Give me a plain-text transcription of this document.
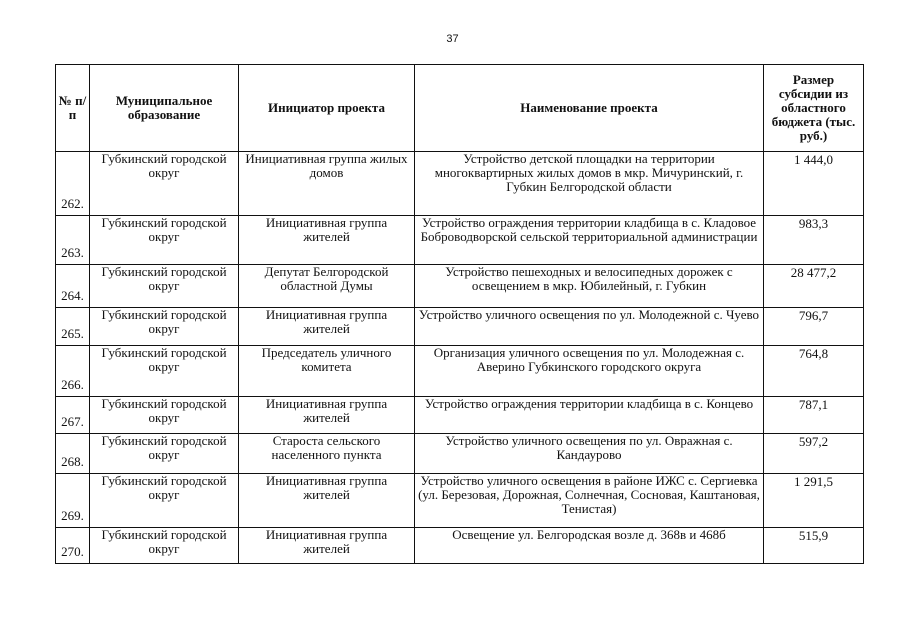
37
№ п/п	Муниципальное образование	Инициатор проекта	Наименование проекта	Размер субсидии из областного бюджета (тыс. руб.)
262.	Губкинский городской округ	Инициативная группа жилых домов	Устройство детской площадки на территории многоквартирных жилых домов в мкр. Мичуринский, г. Губкин Белгородской области	1 444,0
263.	Губкинский городской округ	Инициативная группа жителей	Устройство ограждения территории кладбища в с. Кладовое Боброводворской сельской территориальной администрации	983,3
264.	Губкинский городской округ	Депутат Белгородской областной Думы	Устройство пешеходных и велосипедных дорожек с освещением в мкр. Юбилейный, г. Губкин	28 477,2
265.	Губкинский городской округ	Инициативная группа жителей	Устройство уличного освещения по ул. Молодежной с. Чуево	796,7
266.	Губкинский городской округ	Председатель уличного комитета	Организация уличного освещения по ул. Молодежная с. Аверино Губкинского городского округа	764,8
267.	Губкинский городской округ	Инициативная группа жителей	Устройство ограждения территории кладбища в с. Концево	787,1
268.	Губкинский городской округ	Староста сельского населенного пункта	Устройство уличного освещения по ул. Овражная с. Кандаурово	597,2
269.	Губкинский городской округ	Инициативная группа жителей	Устройство уличного освещения в районе ИЖС с. Сергиевка (ул. Березовая, Дорожная, Солнечная, Сосновая, Каштановая, Тенистая)	1 291,5
270.	Губкинский городской округ	Инициативная группа жителей	Освещение ул. Белгородская возле д. 368в и 468б	515,9
